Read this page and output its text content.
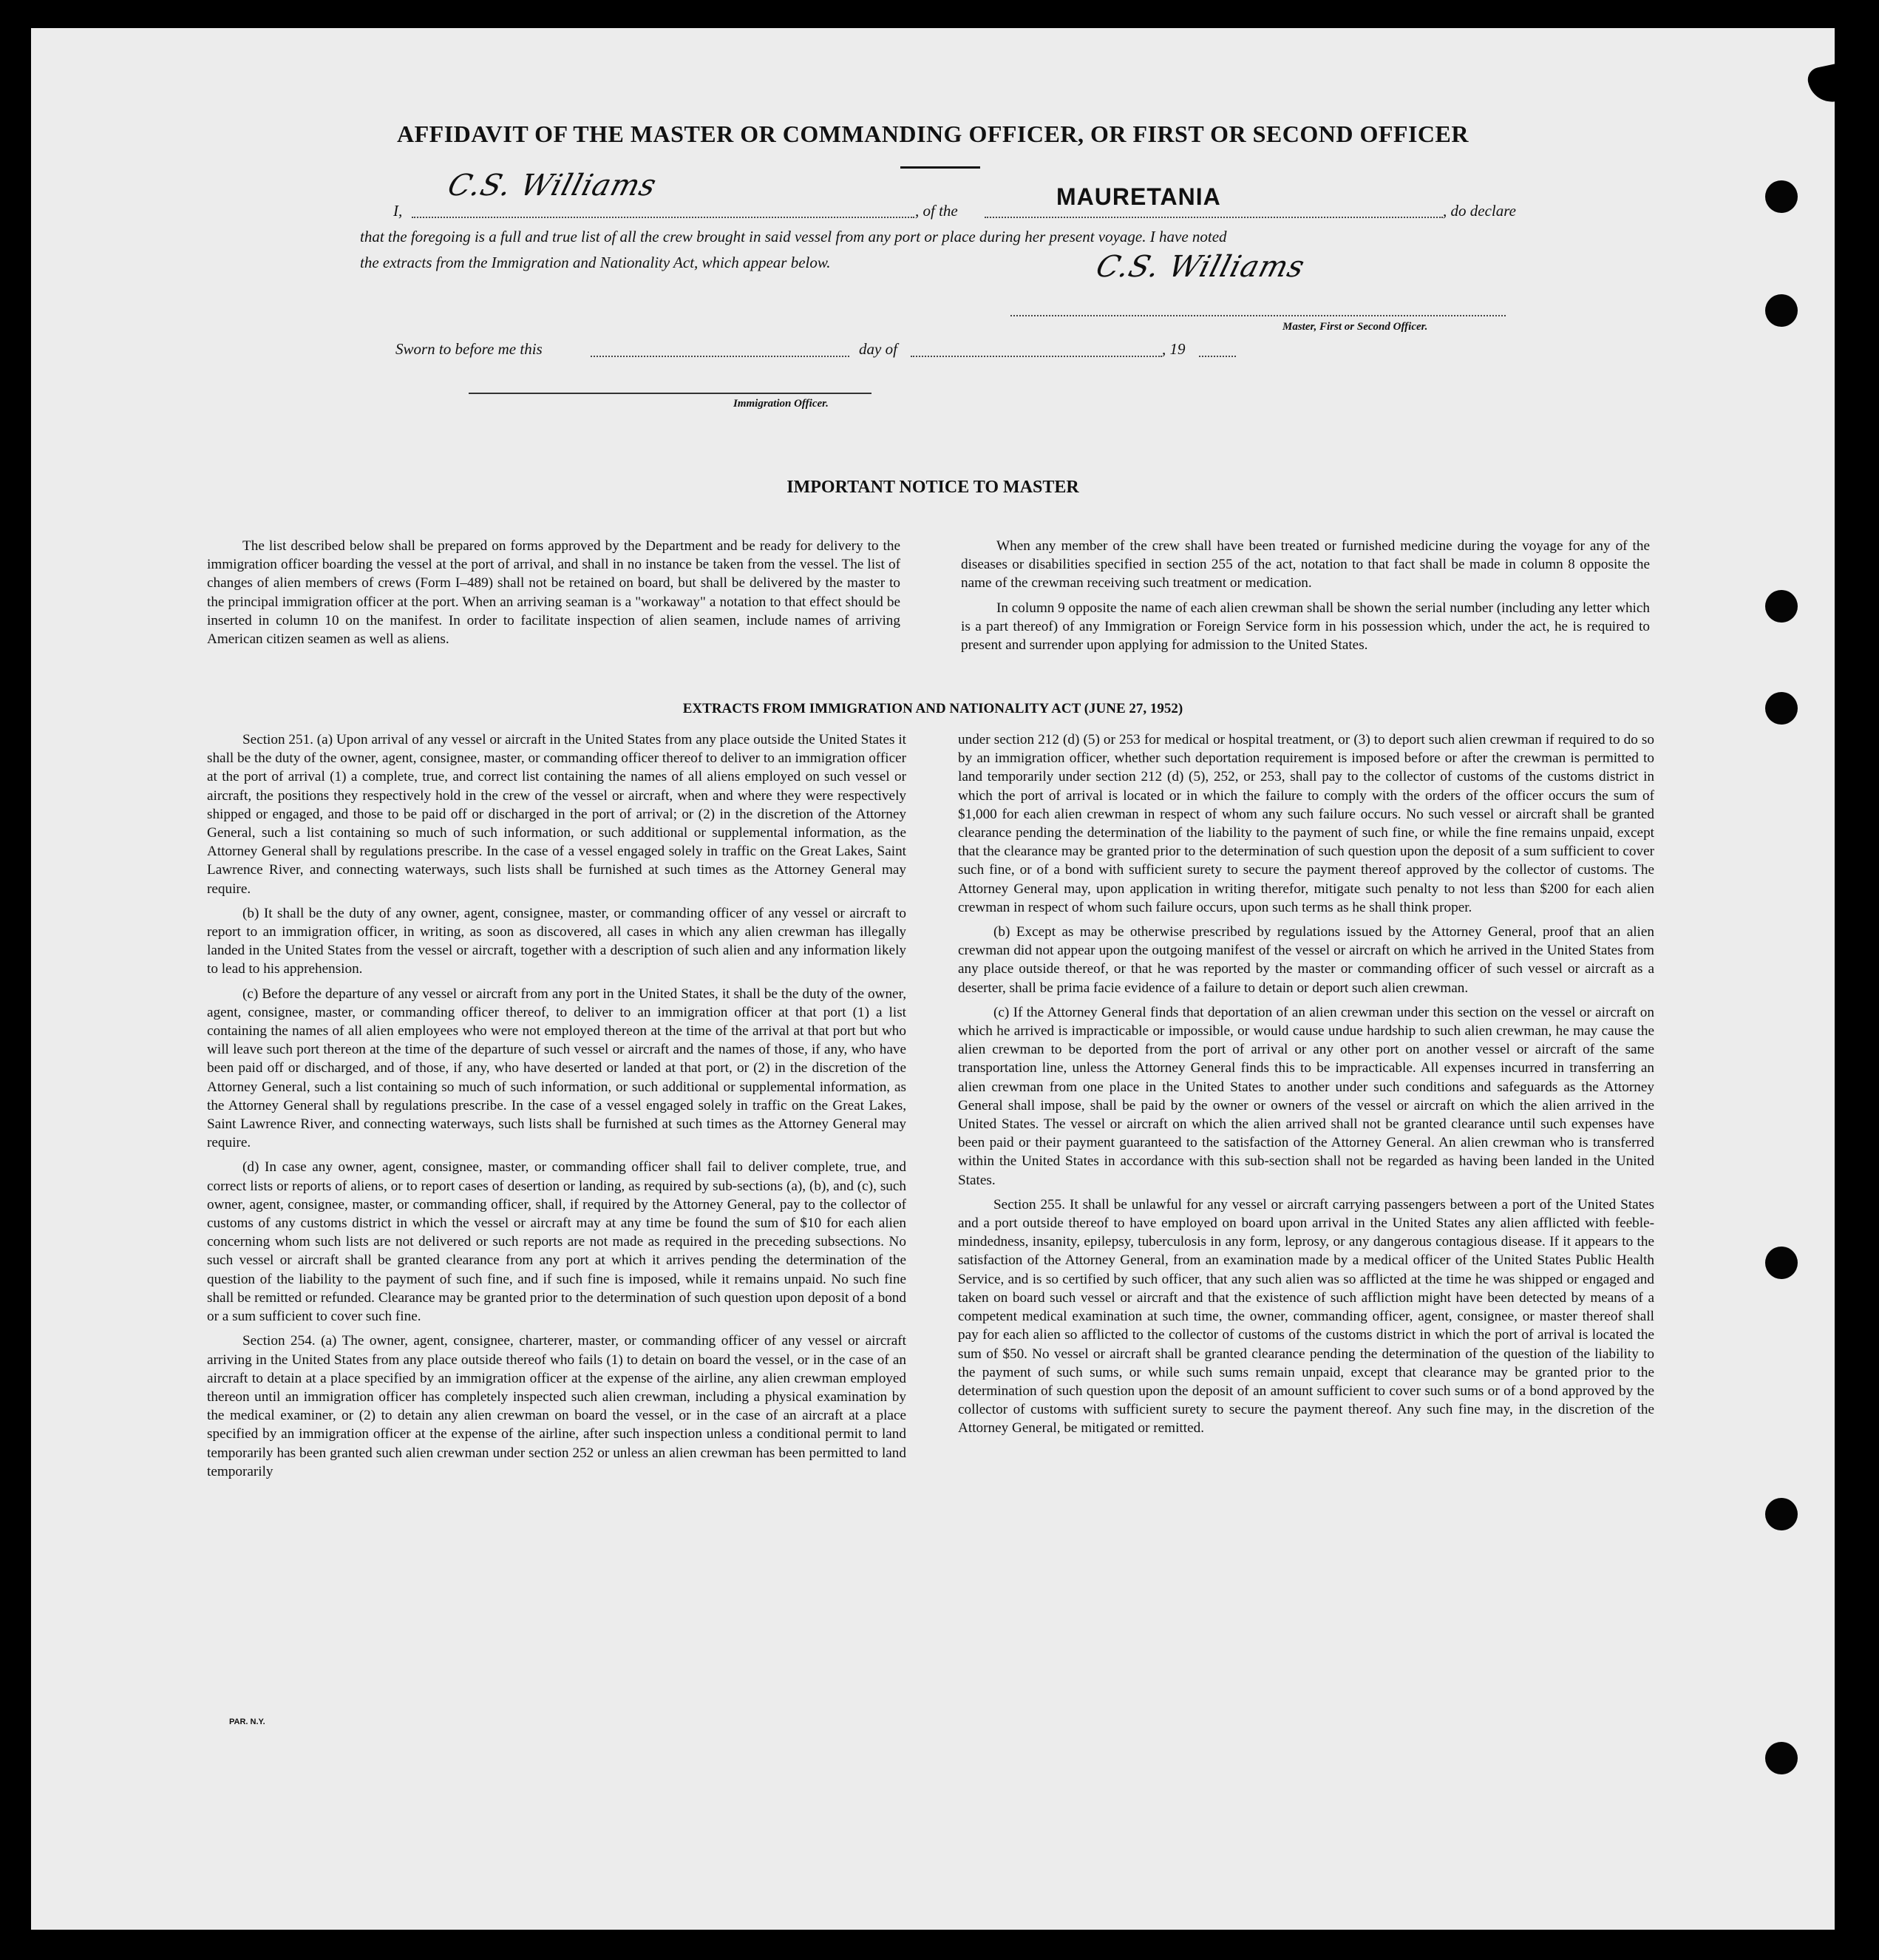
AFFIDAVIT OF THE MASTER OR COMMANDING OFFICER, OR FIRST OR SECOND OFFICER
I,
C.S. Williams
, of the
MAURETANIA
, do declare
that the foregoing is a full and true list of all the crew brought in said vessel from any port or place during her present voyage. I have noted
the extracts from the Immigration and Nationality Act, which appear below.	C.S. Williams
Master, First or Second Officer.
Sworn to before me this	day of	, 19
Immigration Officer.
IMPORTANT NOTICE TO MASTER

The list described below shall be prepared on forms approved by the Department and be ready for delivery to the immigration officer boarding the vessel at the port of arrival, and shall in no instance be taken from the vessel. The list of changes of alien members of crews (Form I–489) shall not be retained on board, but shall be delivered by the master to the principal immigration officer at the port. When an arriving seaman is a "workaway" a notation to that effect should be inserted in column 10 on the manifest. In order to facilitate inspection of alien seamen, include names of arriving American citizen seamen as well as aliens.

When any member of the crew shall have been treated or furnished medicine during the voyage for any of the diseases or disabilities specified in section 255 of the act, notation to that fact shall be made in column 8 opposite the name of the crewman receiving such treatment or medication.

In column 9 opposite the name of each alien crewman shall be shown the serial number (including any letter which is a part thereof) of any Immigration or Foreign Service form in his possession which, under the act, he is required to present and surrender upon applying for admission to the United States.

EXTRACTS FROM IMMIGRATION AND NATIONALITY ACT (JUNE 27, 1952)

Section 251. (a) Upon arrival of any vessel or aircraft in the United States from any place outside the United States it shall be the duty of the owner, agent, consignee, master, or commanding officer thereof to deliver to an immigration officer at the port of arrival (1) a complete, true, and correct list containing the names of all aliens employed on such vessel or aircraft, the positions they respectively hold in the crew of the vessel or aircraft, when and where they were respectively shipped or engaged, and those to be paid off or discharged in the port of arrival; or (2) in the discretion of the Attorney General, such a list containing so much of such information, or such additional or supplemental information, as the Attorney General shall by regulations prescribe. In the case of a vessel engaged solely in traffic on the Great Lakes, Saint Lawrence River, and connecting waterways, such lists shall be furnished at such times as the Attorney General may require.

(b) It shall be the duty of any owner, agent, consignee, master, or commanding officer of any vessel or aircraft to report to an immigration officer, in writing, as soon as discovered, all cases in which any alien crewman has illegally landed in the United States from the vessel or aircraft, together with a description of such alien and any information likely to lead to his apprehension.

(c) Before the departure of any vessel or aircraft from any port in the United States, it shall be the duty of the owner, agent, consignee, master, or commanding officer thereof, to deliver to an immigration officer at that port (1) a list containing the names of all alien employees who were not employed thereon at the time of the arrival at that port but who will leave such port thereon at the time of the departure of such vessel or aircraft and the names of those, if any, who have been paid off or discharged, and of those, if any, who have deserted or landed at that port, or (2) in the discretion of the Attorney General, such a list containing so much of such information, or such additional or supplemental information, as the Attorney General shall by regulations prescribe. In the case of a vessel engaged solely in traffic on the Great Lakes, Saint Lawrence River, and connecting waterways, such lists shall be furnished at such times as the Attorney General may require.

(d) In case any owner, agent, consignee, master, or commanding officer shall fail to deliver complete, true, and correct lists or reports of aliens, or to report cases of desertion or landing, as required by sub-sections (a), (b), and (c), such owner, agent, consignee, master, or commanding officer, shall, if required by the Attorney General, pay to the collector of customs of any customs district in which the vessel or aircraft may at any time be found the sum of $10 for each alien concerning whom such lists are not delivered or such reports are not made as required in the preceding subsections. No such vessel or aircraft shall be granted clearance from any port at which it arrives pending the determination of the question of the liability to the payment of such fine, and if such fine is imposed, while it remains unpaid. No such fine shall be remitted or refunded. Clearance may be granted prior to the determination of such question upon deposit of a bond or a sum sufficient to cover such fine.

Section 254. (a) The owner, agent, consignee, charterer, master, or commanding officer of any vessel or aircraft arriving in the United States from any place outside thereof who fails (1) to detain on board the vessel, or in the case of an aircraft to detain at a place specified by an immigration officer at the expense of the airline, any alien crewman employed thereon until an immigration officer has completely inspected such alien crewman, including a physical examination by the medical examiner, or (2) to detain any alien crewman on board the vessel, or in the case of an aircraft at a place specified by an immigration officer at the expense of the airline, after such inspection unless a conditional permit to land temporarily has been granted such alien crewman under section 252 or unless an alien crewman has been permitted to land temporarily

under section 212 (d) (5) or 253 for medical or hospital treatment, or (3) to deport such alien crewman if required to do so by an immigration officer, whether such deportation requirement is imposed before or after the crewman is permitted to land temporarily under section 212 (d) (5), 252, or 253, shall pay to the collector of customs of the customs district in which the port of arrival is located or in which the failure to comply with the orders of the officer occurs the sum of $1,000 for each alien crewman in respect of whom any such failure occurs. No such vessel or aircraft shall be granted clearance pending the determination of the liability to the payment of such fine, or while the fine remains unpaid, except that the clearance may be granted prior to the determination of such question upon the deposit of a sum sufficient to cover such fine, or of a bond with sufficient surety to secure the payment thereof approved by the collector of customs. The Attorney General may, upon application in writing therefor, mitigate such penalty to not less than $200 for each alien crewman in respect of whom such failure occurs, upon such terms as he shall think proper.

(b) Except as may be otherwise prescribed by regulations issued by the Attorney General, proof that an alien crewman did not appear upon the outgoing manifest of the vessel or aircraft on which he arrived in the United States from any place outside thereof, or that he was reported by the master or commanding officer of such vessel or aircraft as a deserter, shall be prima facie evidence of a failure to detain or deport such alien crewman.

(c) If the Attorney General finds that deportation of an alien crewman under this section on the vessel or aircraft on which he arrived is impracticable or impossible, or would cause undue hardship to such alien crewman, he may cause the alien crewman to be deported from the port of arrival or any other port on another vessel or aircraft of the same transportation line, unless the Attorney General finds this to be impracticable. All expenses incurred in transferring an alien crewman from one place in the United States to another under such conditions and safeguards as the Attorney General shall impose, shall be paid by the owner or owners of the vessel or aircraft on which the alien arrived in the United States. The vessel or aircraft on which the alien arrived shall not be granted clearance until such expenses have been paid or their payment guaranteed to the satisfaction of the Attorney General. An alien crewman who is transferred within the United States in accordance with this sub-section shall not be regarded as having been landed in the United States.

Section 255. It shall be unlawful for any vessel or aircraft carrying passengers between a port of the United States and a port outside thereof to have employed on board upon arrival in the United States any alien afflicted with feeble-mindedness, insanity, epilepsy, tuberculosis in any form, leprosy, or any dangerous contagious disease. If it appears to the satisfaction of the Attorney General, from an examination made by a medical officer of the United States Public Health Service, and is so certified by such officer, that any such alien was so afflicted at the time he was shipped or engaged and taken on board such vessel or aircraft and that the existence of such affliction might have been detected by means of a competent medical examination at such time, the owner, commanding officer, agent, consignee, or master thereof shall pay for each alien so afflicted to the collector of customs of the customs district in which the port of arrival is located the sum of $50. No vessel or aircraft shall be granted clearance pending the determination of the question of the liability to the payment of such sums, or while such sums remain unpaid, except that clearance may be granted prior to the determination of such question upon the deposit of an amount sufficient to cover such sums or of a bond approved by the collector of customs with sufficient surety to secure the payment thereof. Any such fine may, in the discretion of the Attorney General, be mitigated or remitted.

PAR. N.Y.
